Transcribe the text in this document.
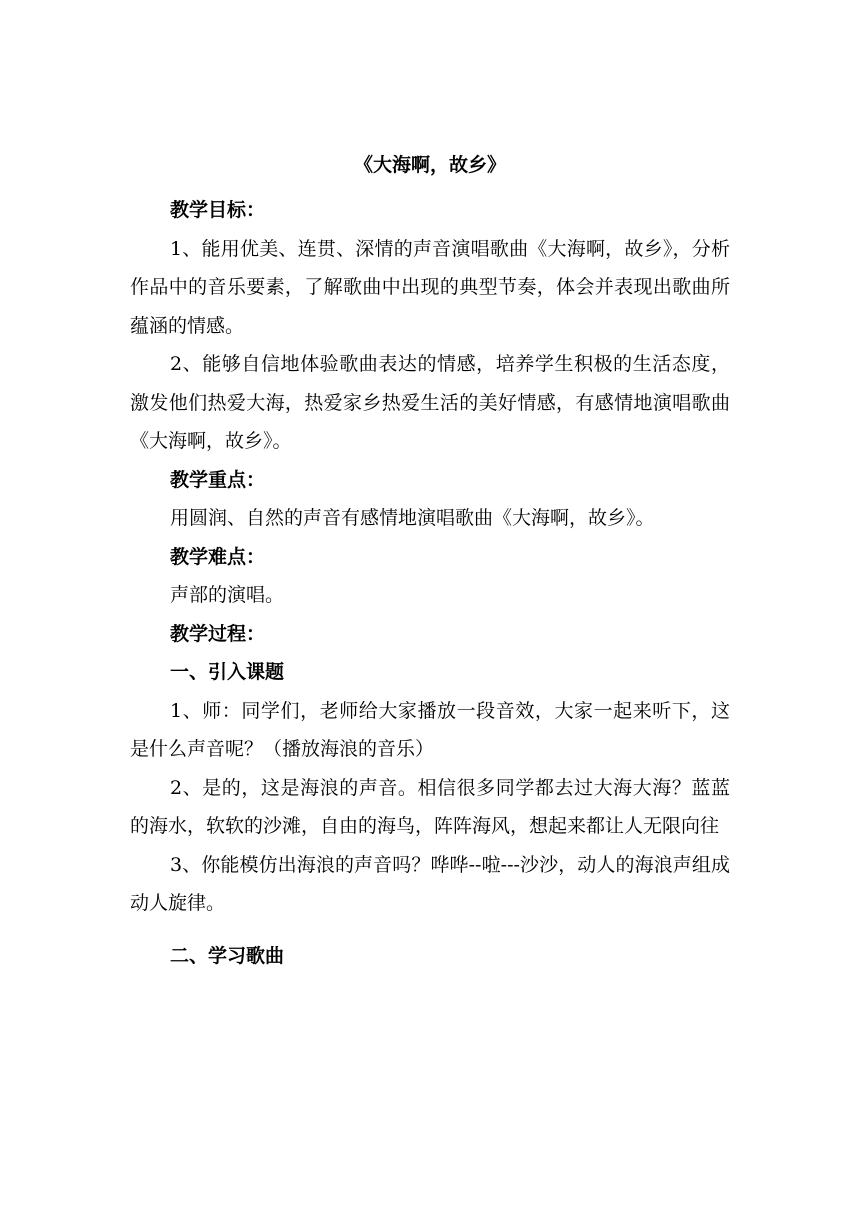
《大海啊，故乡》

教学目标：

1、能用优美、连贯、深情的声音演唱歌曲《大海啊，故乡》，分析作品中的音乐要素，了解歌曲中出现的典型节奏，体会并表现出歌曲所蕴涵的情感。

2、能够自信地体验歌曲表达的情感，培养学生积极的生活态度，激发他们热爱大海，热爱家乡热爱生活的美好情感，有感情地演唱歌曲《大海啊，故乡》。

教学重点：

用圆润、自然的声音有感情地演唱歌曲《大海啊，故乡》。

教学难点：

声部的演唱。

教学过程：

一、引入课题

1、师：同学们，老师给大家播放一段音效，大家一起来听下，这是什么声音呢？（播放海浪的音乐）

2、是的，这是海浪的声音。相信很多同学都去过大海大海？蓝蓝的海水，软软的沙滩，自由的海鸟，阵阵海风，想起来都让人无限向往

3、你能模仿出海浪的声音吗？哗哗--啦---沙沙，动人的海浪声组成动人旋律。

二、学习歌曲
